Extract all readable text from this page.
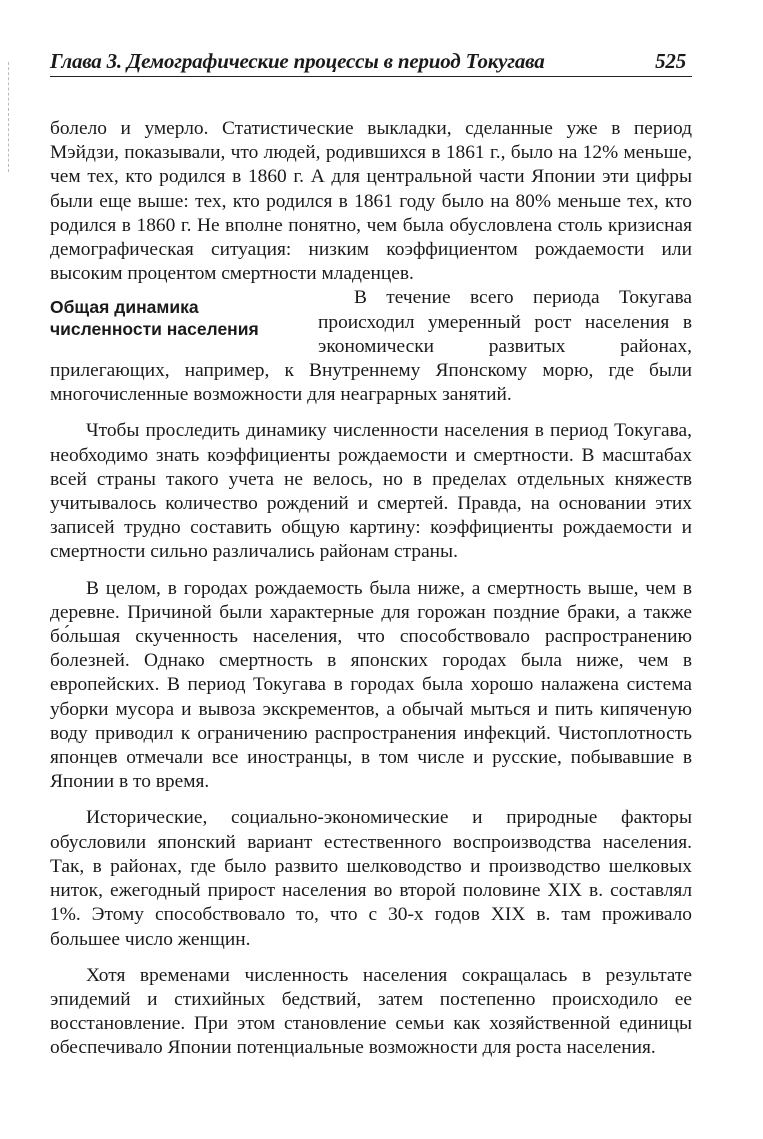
Глава 3. Демографические процессы в период Токугава	525

болело и умерло. Статистические выкладки, сделанные уже в период Мэйдзи, показывали, что людей, родившихся в 1861 г., было на 12% меньше, чем тех, кто родился в 1860 г. А для центральной части Японии эти цифры были еще выше: тех, кто родился в 1861 году было на 80% меньше тех, кто родился в 1860 г. Не вполне понятно, чем была обусловлена столь кризисная демографическая ситуация: низким коэффициентом рождаемости или высоким процентом смертности младенцев.

Общая динамика численности населения

В течение всего периода Токугава происходил умеренный рост населения в экономически развитых районах, прилегающих, например, к Внутреннему Японскому морю, где были многочисленные возможности для неаграрных занятий.

Чтобы проследить динамику численности населения в период Токугава, необходимо знать коэффициенты рождаемости и смертности. В масштабах всей страны такого учета не велось, но в пределах отдельных княжеств учитывалось количество рождений и смертей. Правда, на основании этих записей трудно составить общую картину: коэффициенты рождаемости и смертности сильно различались районам страны.

В целом, в городах рождаемость была ниже, а смертность выше, чем в деревне. Причиной были характерные для горожан поздние браки, а также бо́льшая скученность населения, что способствовало распространению болезней. Однако смертность в японских городах была ниже, чем в европейских. В период Токугава в городах была хорошо налажена система уборки мусора и вывоза экскрементов, а обычай мыться и пить кипяченую воду приводил к ограничению распространения инфекций. Чистоплотность японцев отмечали все иностранцы, в том числе и русские, побывавшие в Японии в то время.

Исторические, социально-экономические и природные факторы обусловили японский вариант естественного воспроизводства населения. Так, в районах, где было развито шелководство и производство шелковых ниток, ежегодный прирост населения во второй половине XIX в. составлял 1%. Этому способствовало то, что с 30-х годов XIX в. там проживало большее число женщин.

Хотя временами численность населения сокращалась в результате эпидемий и стихийных бедствий, затем постепенно происходило ее восстановление. При этом становление семьи как хозяйственной единицы обеспечивало Японии потенциальные возможности для роста населения.
